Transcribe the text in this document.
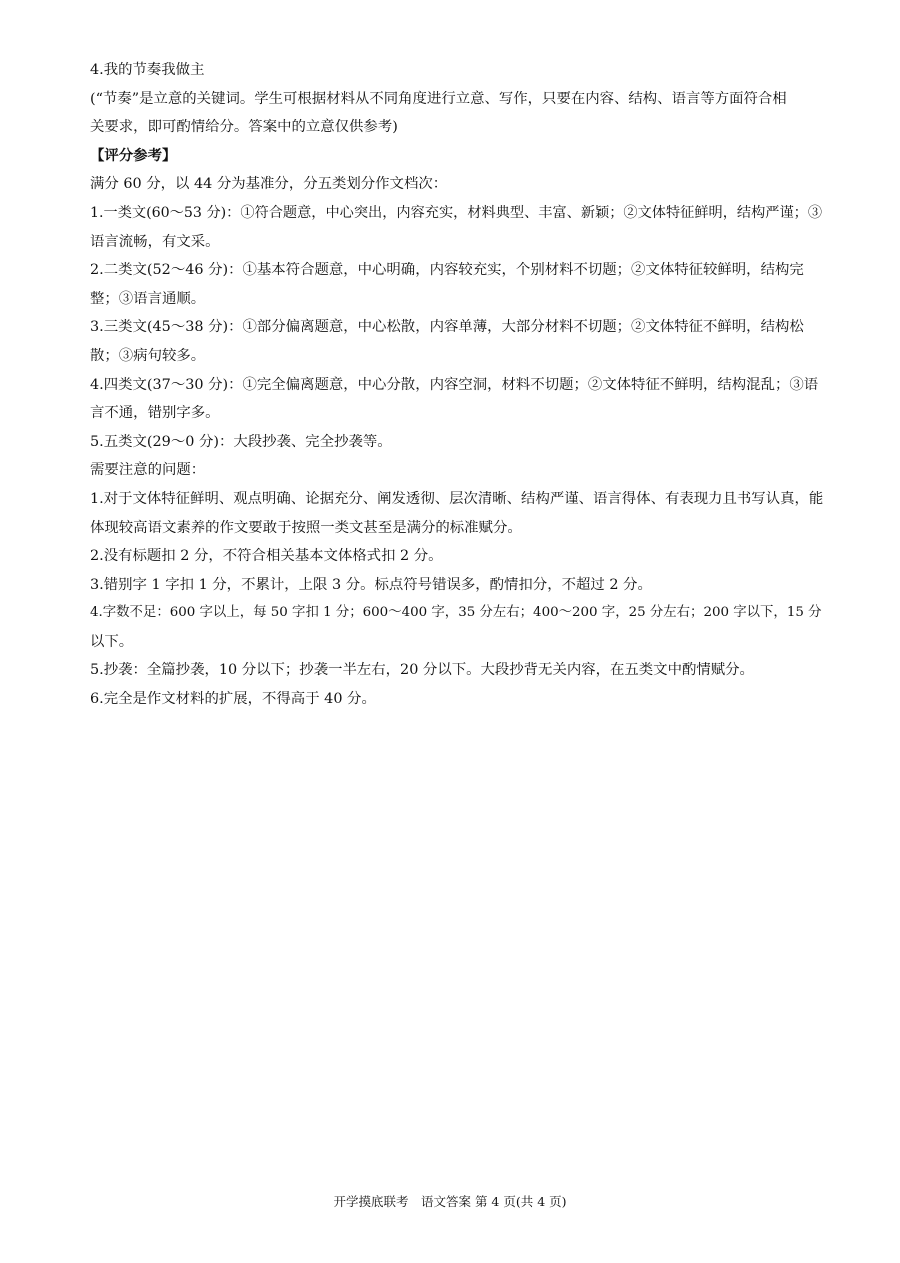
4.我的节奏我做主

(“节奏”是立意的关键词。学生可根据材料从不同角度进行立意、写作，只要在内容、结构、语言等方面符合相

关要求，即可酌情给分。答案中的立意仅供参考)

【评分参考】

满分 60 分，以 44 分为基准分，分五类划分作文档次：

1.一类文(60～53 分)：①符合题意，中心突出，内容充实，材料典型、丰富、新颖；②文体特征鲜明，结构严谨；③

语言流畅，有文采。

2.二类文(52～46 分)：①基本符合题意，中心明确，内容较充实，个别材料不切题；②文体特征较鲜明，结构完

整；③语言通顺。

3.三类文(45～38 分)：①部分偏离题意，中心松散，内容单薄，大部分材料不切题；②文体特征不鲜明，结构松

散；③病句较多。

4.四类文(37～30 分)：①完全偏离题意，中心分散，内容空洞，材料不切题；②文体特征不鲜明，结构混乱；③语

言不通，错别字多。

5.五类文(29～0 分)：大段抄袭、完全抄袭等。

需要注意的问题：

1.对于文体特征鲜明、观点明确、论据充分、阐发透彻、层次清晰、结构严谨、语言得体、有表现力且书写认真，能

体现较高语文素养的作文要敢于按照一类文甚至是满分的标准赋分。

2.没有标题扣 2 分，不符合相关基本文体格式扣 2 分。

3.错别字 1 字扣 1 分，不累计，上限 3 分。标点符号错误多，酌情扣分，不超过 2 分。

4.字数不足：600 字以上，每 50 字扣 1 分；600～400 字，35 分左右；400～200 字，25 分左右；200 字以下，15 分

以下。

5.抄袭：全篇抄袭，10 分以下；抄袭一半左右，20 分以下。大段抄背无关内容，在五类文中酌情赋分。

6.完全是作文材料的扩展，不得高于 40 分。

开学摸底联考　语文答案 第 4 页(共 4 页)
